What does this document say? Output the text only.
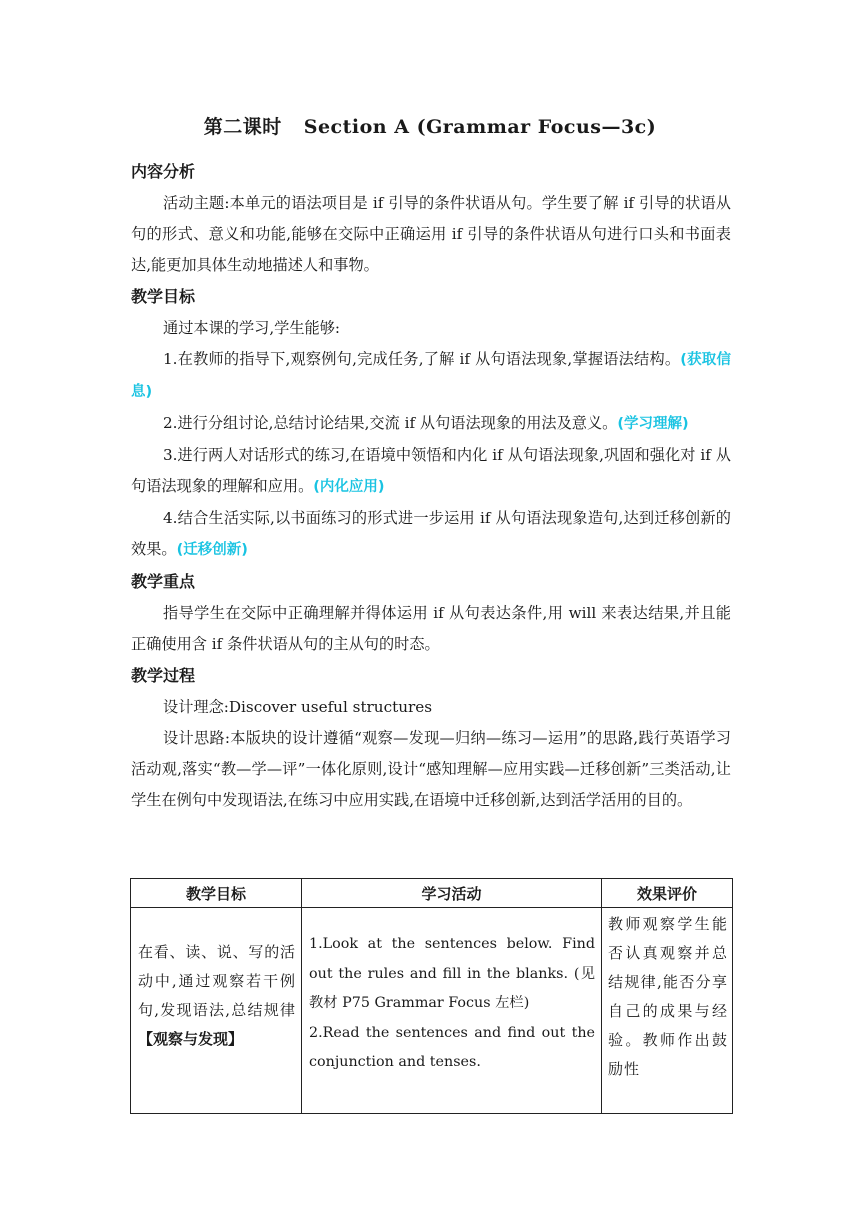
第二课时 Section A (Grammar Focus—3c)

内容分析

活动主题:本单元的语法项目是 if 引导的条件状语从句。学生要了解 if 引导的状语从句的形式、意义和功能,能够在交际中正确运用 if 引导的条件状语从句进行口头和书面表达,能更加具体生动地描述人和事物。

教学目标

通过本课的学习,学生能够:

1.在教师的指导下,观察例句,完成任务,了解 if 从句语法现象,掌握语法结构。(获取信息)

2.进行分组讨论,总结讨论结果,交流 if 从句语法现象的用法及意义。(学习理解)

3.进行两人对话形式的练习,在语境中领悟和内化 if 从句语法现象,巩固和强化对 if 从句语法现象的理解和应用。(内化应用)

4.结合生活实际,以书面练习的形式进一步运用 if 从句语法现象造句,达到迁移创新的效果。(迁移创新)

教学重点

指导学生在交际中正确理解并得体运用 if 从句表达条件,用 will 来表达结果,并且能正确使用含 if 条件状语从句的主从句的时态。

教学过程

设计理念:Discover useful structures

设计思路:本版块的设计遵循“观察—发现—归纳—练习—运用”的思路,践行英语学习活动观,落实“教—学—评”一体化原则,设计“感知理解—应用实践—迁移创新”三类活动,让学生在例句中发现语法,在练习中应用实践,在语境中迁移创新,达到活学活用的目的。

教学目标	学习活动	效果评价
在看、读、说、写的活动中,通过观察若干例句,发现语法,总结规律【观察与发现】	1.Look at the sentences below. Find out the rules and fill in the blanks. (见教材 P75 Grammar Focus 左栏)

2.Read the sentences and find out the conjunction and tenses.	教师观察学生能否认真观察并总结规律,能否分享自己的成果与经验。教师作出鼓励性
